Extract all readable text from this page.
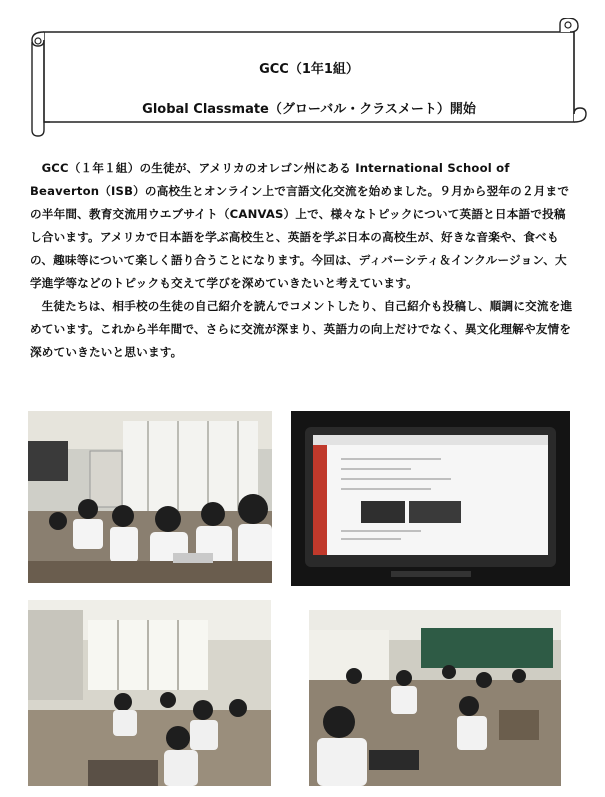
GCC（1年1組）
Global Classmate（グローバル・クラスメート）開始

GCC（１年１組）の生徒が、アメリカのオレゴン州にある International School of Beaverton（ISB）の高校生とオンライン上で言語文化交流を始めました。９月から翌年の２月までの半年間、教育交流用ウエブサイト（CANVAS）上で、様々なトピックについて英語と日本語で投稿し合います。アメリカで日本語を学ぶ高校生と、英語を学ぶ日本の高校生が、好きな音楽や、食べもの、趣味等について楽しく語り合うことになります。今回は、ディバーシティ＆インクルージョン、大学進学等などのトピックも交えて学びを深めていきたいと考えています。

生徒たちは、相手校の生徒の自己紹介を読んでコメントしたり、自己紹介も投稿し、順調に交流を進めています。これから半年間で、さらに交流が深まり、英語力の向上だけでなく、異文化理解や友情を深めていきたいと思います。
